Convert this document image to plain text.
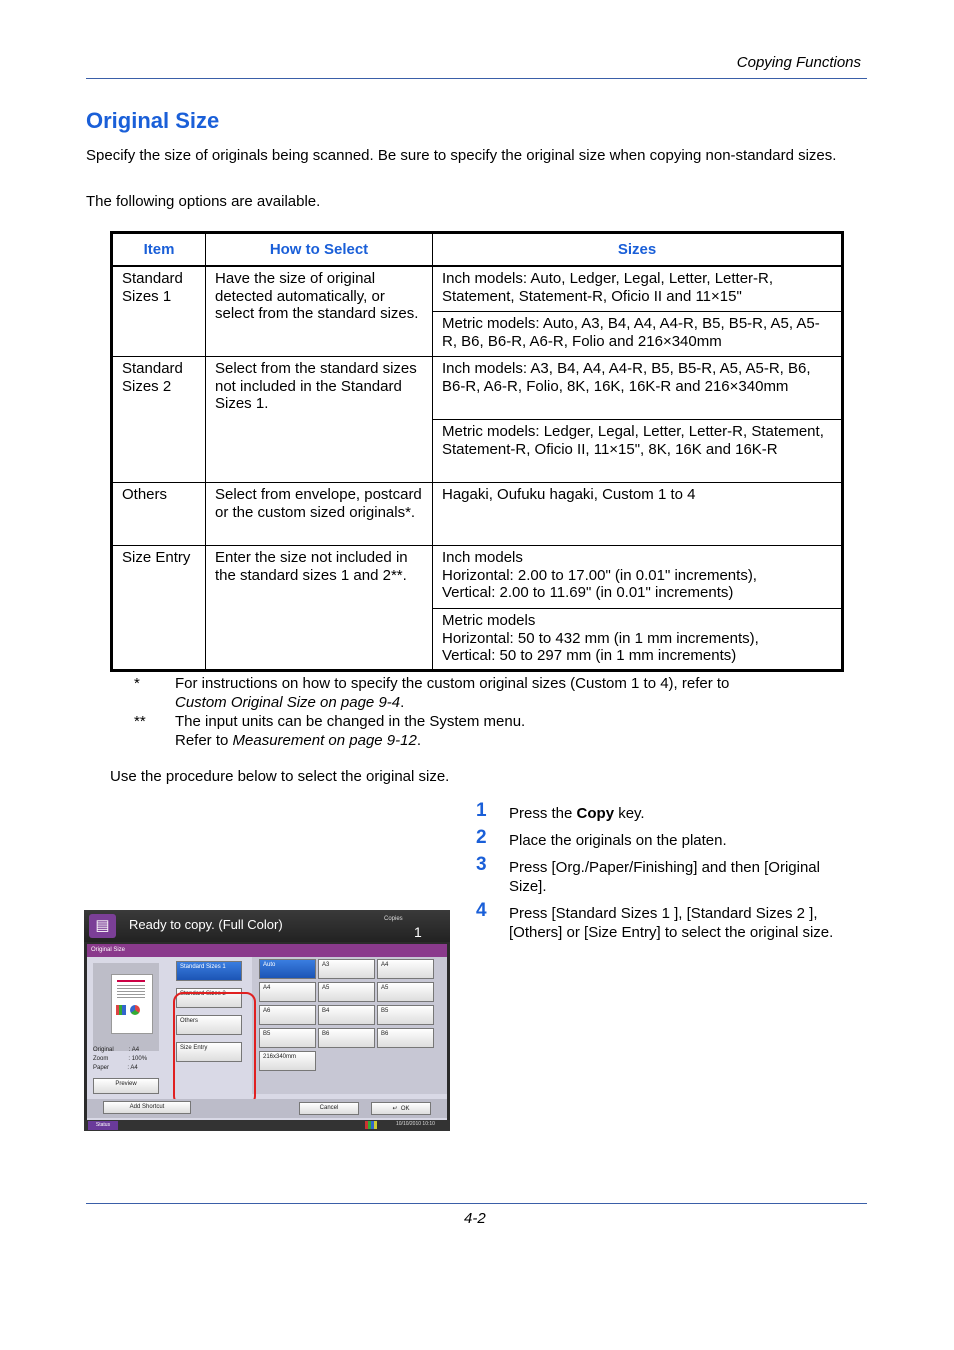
Copying Functions
Original Size
Specify the size of originals being scanned. Be sure to specify the original size when copying non-standard sizes.
The following options are available.
Item	How to Select	Sizes
Standard Sizes 1	Have the size of original detected automatically, or select from the standard sizes.	Inch models: Auto, Ledger, Legal, Letter, Letter-R, Statement, Statement-R, Oficio II and 11×15"
		Metric models: Auto, A3, B4, A4, A4-R, B5, B5-R, A5, A5-R, B6, B6-R, A6-R, Folio and 216×340mm
Standard Sizes 2	Select from the standard sizes not included in the Standard Sizes 1.	Inch models: A3, B4, A4, A4-R, B5, B5-R, A5, A5-R, B6, B6-R, A6-R, Folio, 8K, 16K, 16K-R and 216×340mm
		Metric models: Ledger, Legal, Letter, Letter-R, Statement, Statement-R, Oficio II, 11×15", 8K, 16K and 16K-R
Others	Select from envelope, postcard or the custom sized originals*.	Hagaki, Oufuku hagaki, Custom 1 to 4
Size Entry	Enter the size not included in the standard sizes 1 and 2**.	Inch models
Horizontal: 2.00 to 17.00" (in 0.01" increments),
Vertical: 2.00 to 11.69" (in 0.01" increments)
		Metric models
Horizontal: 50 to 432 mm (in 1 mm increments),
Vertical: 50 to 297 mm (in 1 mm increments)
* For instructions on how to specify the custom original sizes (Custom 1 to 4), refer to
Custom Original Size on page 9-4.
** The input units can be changed in the System menu.
Refer to Measurement on page 9-12.
Use the procedure below to select the original size.
1 Press the Copy key.
2 Place the originals on the platen.
3 Press [Org./Paper/Finishing] and then [Original Size].
4 Press [Standard Sizes 1 ], [Standard Sizes 2 ], [Others] or [Size Entry] to select the original size.
▤	Ready to copy. (Full Color)	Copies
1
Original Size
Original	: A4
Zoom	: 100%
Paper	: A4
Preview
Standard Sizes 1
Standard Sizes 2
Others
Size Entry
Auto	A3	A4
A4	A5	A5
A6	B4	B5
B5	B6	B6
216x340mm
Add Shortcut	Cancel	↵ OK
Status	10/10/2010 10:10
4-2
